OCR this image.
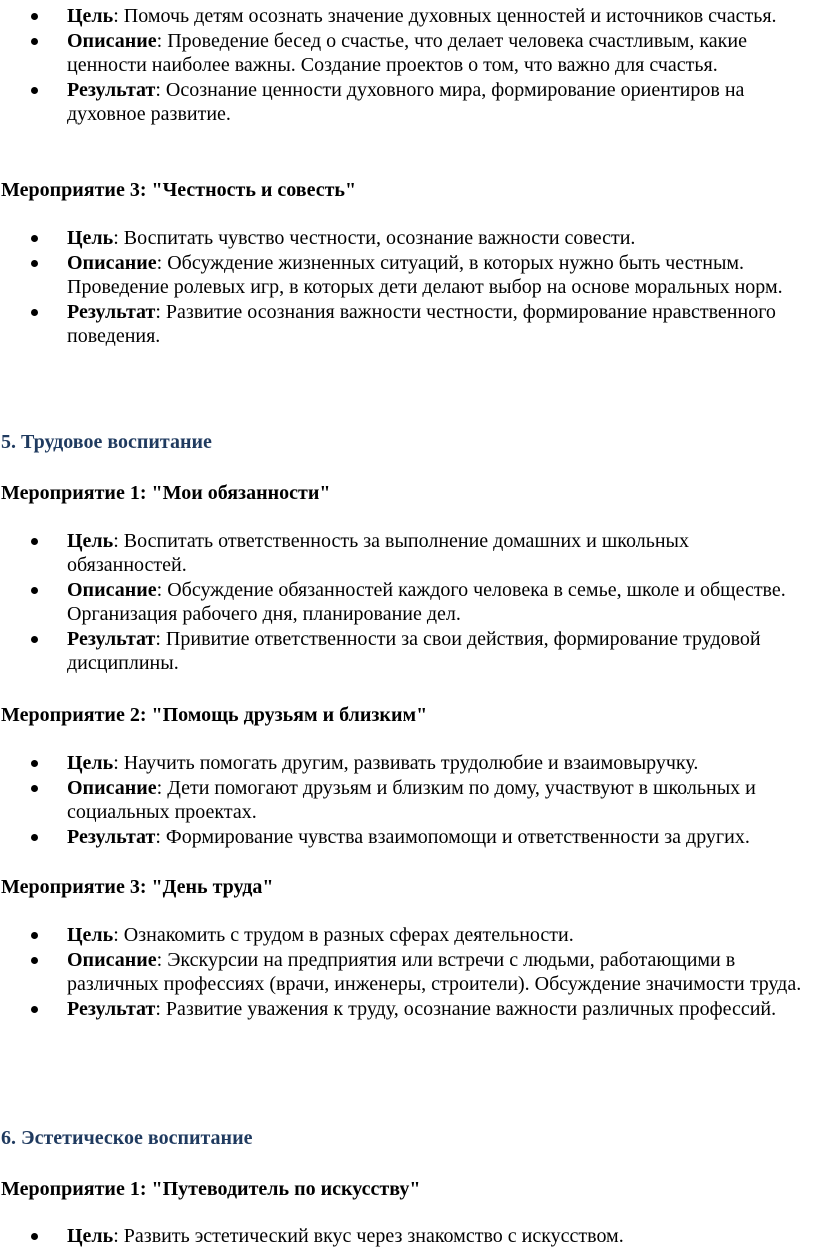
Цель: Помочь детям осознать значение духовных ценностей и источников счастья.
Описание: Проведение бесед о счастье, что делает человека счастливым, какие ценности наиболее важны. Создание проектов о том, что важно для счастья.
Результат: Осознание ценности духовного мира, формирование ориентиров на духовное развитие.
Мероприятие 3: "Честность и совесть"
Цель: Воспитать чувство честности, осознание важности совести.
Описание: Обсуждение жизненных ситуаций, в которых нужно быть честным. Проведение ролевых игр, в которых дети делают выбор на основе моральных норм.
Результат: Развитие осознания важности честности, формирование нравственного поведения.
5. Трудовое воспитание
Мероприятие 1: "Мои обязанности"
Цель: Воспитать ответственность за выполнение домашних и школьных обязанностей.
Описание: Обсуждение обязанностей каждого человека в семье, школе и обществе. Организация рабочего дня, планирование дел.
Результат: Привитие ответственности за свои действия, формирование трудовой дисциплины.
Мероприятие 2: "Помощь друзьям и близким"
Цель: Научить помогать другим, развивать трудолюбие и взаимовыручку.
Описание: Дети помогают друзьям и близким по дому, участвуют в школьных и социальных проектах.
Результат: Формирование чувства взаимопомощи и ответственности за других.
Мероприятие 3: "День труда"
Цель: Ознакомить с трудом в разных сферах деятельности.
Описание: Экскурсии на предприятия или встречи с людьми, работающими в различных профессиях (врачи, инженеры, строители). Обсуждение значимости труда.
Результат: Развитие уважения к труду, осознание важности различных профессий.
6. Эстетическое воспитание
Мероприятие 1: "Путеводитель по искусству"
Цель: Развить эстетический вкус через знакомство с искусством.
